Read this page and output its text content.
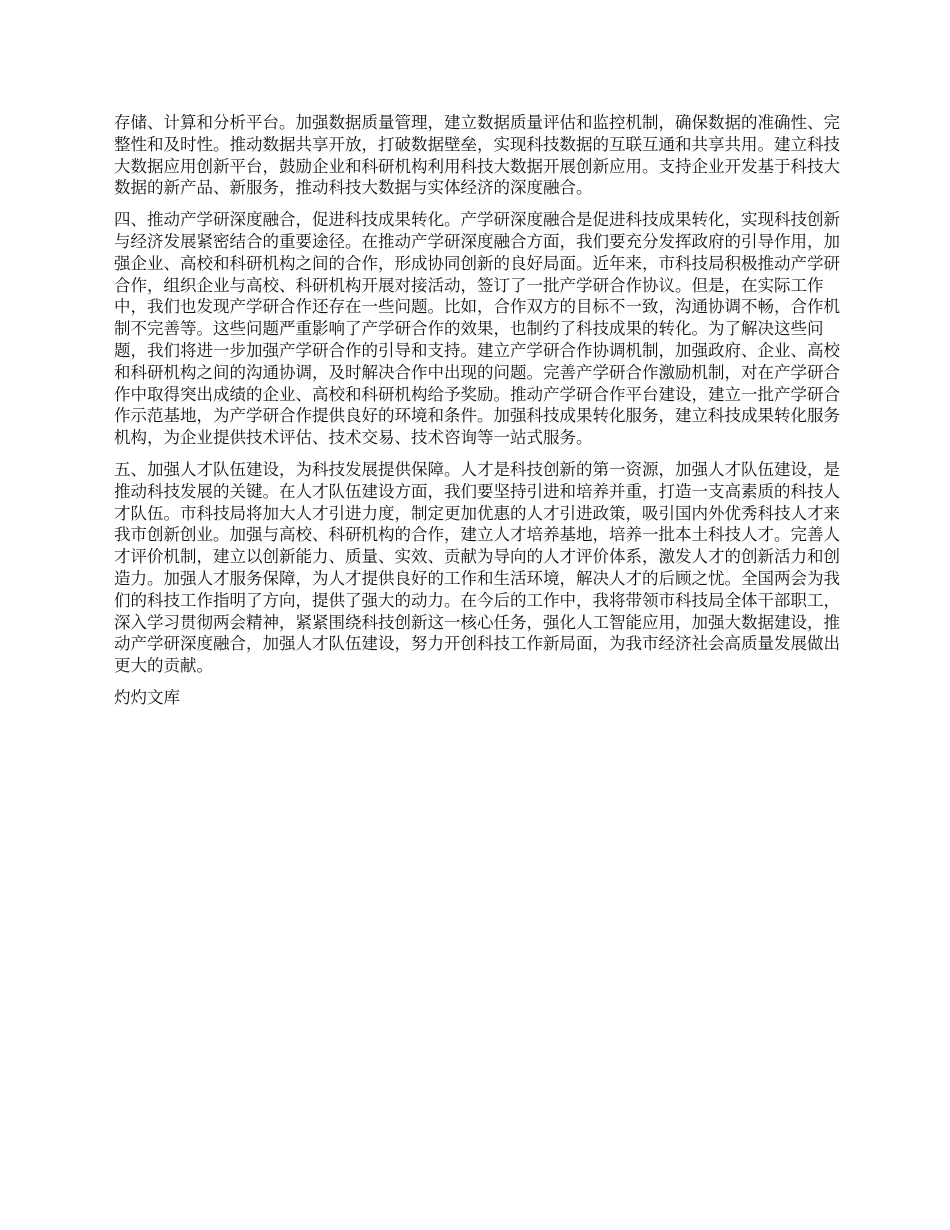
存储、计算和分析平台。加强数据质量管理，建立数据质量评估和监控机制，确保数据的准确性、完整性和及时性。推动数据共享开放，打破数据壁垒，实现科技数据的互联互通和共享共用。建立科技大数据应用创新平台，鼓励企业和科研机构利用科技大数据开展创新应用。支持企业开发基于科技大数据的新产品、新服务，推动科技大数据与实体经济的深度融合。

四、推动产学研深度融合，促进科技成果转化。产学研深度融合是促进科技成果转化，实现科技创新与经济发展紧密结合的重要途径。在推动产学研深度融合方面，我们要充分发挥政府的引导作用，加强企业、高校和科研机构之间的合作，形成协同创新的良好局面。近年来，市科技局积极推动产学研合作，组织企业与高校、科研机构开展对接活动，签订了一批产学研合作协议。但是，在实际工作中，我们也发现产学研合作还存在一些问题。比如，合作双方的目标不一致，沟通协调不畅，合作机制不完善等。这些问题严重影响了产学研合作的效果，也制约了科技成果的转化。为了解决这些问题，我们将进一步加强产学研合作的引导和支持。建立产学研合作协调机制，加强政府、企业、高校和科研机构之间的沟通协调，及时解决合作中出现的问题。完善产学研合作激励机制，对在产学研合作中取得突出成绩的企业、高校和科研机构给予奖励。推动产学研合作平台建设，建立一批产学研合作示范基地，为产学研合作提供良好的环境和条件。加强科技成果转化服务，建立科技成果转化服务机构，为企业提供技术评估、技术交易、技术咨询等一站式服务。

五、加强人才队伍建设，为科技发展提供保障。人才是科技创新的第一资源，加强人才队伍建设，是推动科技发展的关键。在人才队伍建设方面，我们要坚持引进和培养并重，打造一支高素质的科技人才队伍。市科技局将加大人才引进力度，制定更加优惠的人才引进政策，吸引国内外优秀科技人才来我市创新创业。加强与高校、科研机构的合作，建立人才培养基地，培养一批本土科技人才。完善人才评价机制，建立以创新能力、质量、实效、贡献为导向的人才评价体系，激发人才的创新活力和创造力。加强人才服务保障，为人才提供良好的工作和生活环境，解决人才的后顾之忧。全国两会为我们的科技工作指明了方向，提供了强大的动力。在今后的工作中，我将带领市科技局全体干部职工，深入学习贯彻两会精神，紧紧围绕科技创新这一核心任务，强化人工智能应用，加强大数据建设，推动产学研深度融合，加强人才队伍建设，努力开创科技工作新局面，为我市经济社会高质量发展做出更大的贡献。

灼灼文库
